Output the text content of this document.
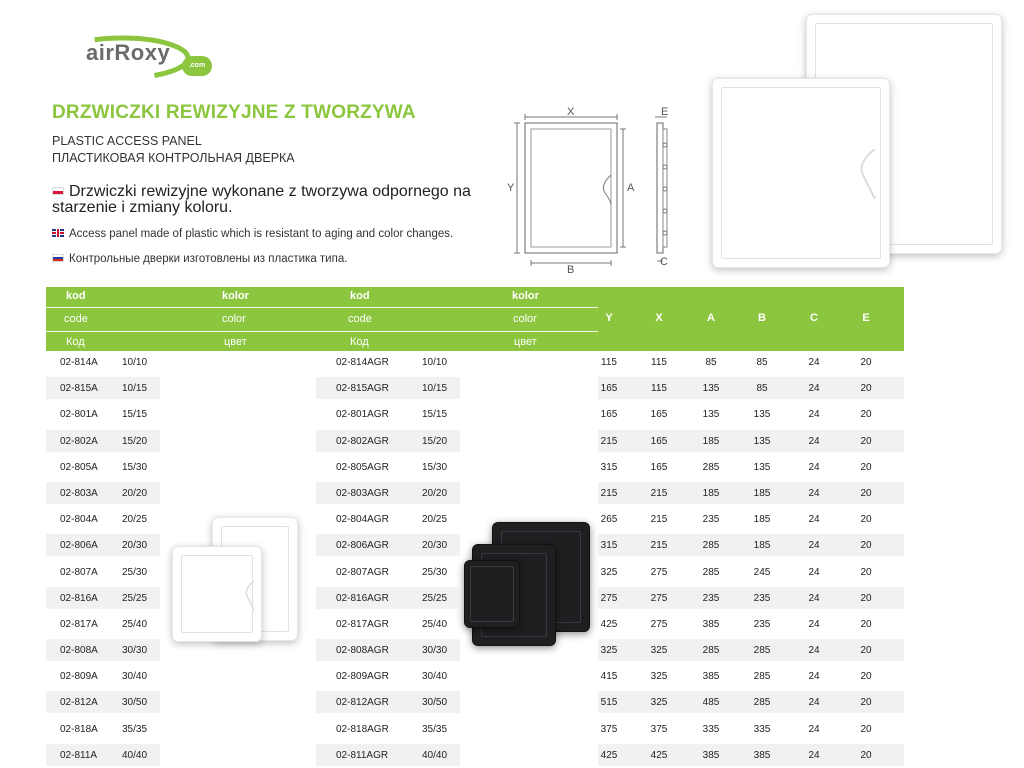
airRoxy
.com
DRZWICZKI REWIZYJNE Z TWORZYWA
PLASTIC ACCESS PANEL
ПЛАСТИКОВАЯ КОНТРОЛЬНАЯ ДВЕРКА
Drzwiczki rewizyjne wykonane z tworzywa odpornego na starzenie i zmiany koloru.
Access panel made of plastic which is resistant to aging and color changes.
Контрольные дверки изготовлены из пластика типа.
X
Y	A
B
E
C
kod	kolor	kod	kolor
code	color	code	color
Код	цвет	Код	цвет
Y	X	A	B	C	E
02-814A 10/10	02-814AGR	10/10	115	115	85	85	24	20
02-815A 10/15	02-815AGR	10/15	165	115	135	85	24	20
02-801A 15/15	02-801AGR	15/15	165	165	135	135	24	20
02-802A 15/20	02-802AGR	15/20	215	165	185	135	24	20
02-805A 15/30	02-805AGR	15/30	315	165	285	135	24	20
02-803A 20/20	02-803AGR	20/20	215	215	185	185	24	20
02-804A 20/25	02-804AGR	20/25	265	215	235	185	24	20
02-806A 20/30	02-806AGR	20/30	315	215	285	185	24	20
02-807A 25/30	02-807AGR	25/30	325	275	285	245	24	20
02-816A 25/25	02-816AGR	25/25	275	275	235	235	24	20
02-817A 25/40	02-817AGR	25/40	425	275	385	235	24	20
02-808A 30/30	02-808AGR	30/30	325	325	285	285	24	20
02-809A 30/40	02-809AGR	30/40	415	325	385	285	24	20
02-812A 30/50	02-812AGR	30/50	515	325	485	285	24	20
02-818A 35/35	02-818AGR	35/35	375	375	335	335	24	20
02-811A 40/40	02-811AGR	40/40	425	425	385	385	24	20
